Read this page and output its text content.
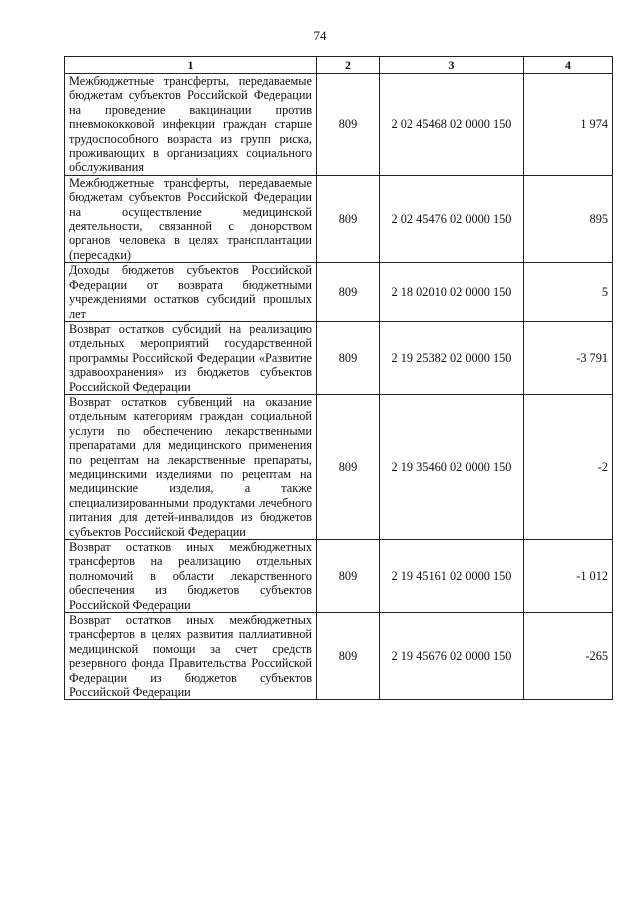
74
1	2	3	4
Межбюджетные трансферты, передаваемые бюджетам субъектов Российской Федерации на проведение вакцинации против пневмококковой инфекции граждан старше трудоспособного возраста из групп риска, проживающих в организациях социального обслуживания	809	2 02 45468 02 0000 150	1 974
Межбюджетные трансферты, передаваемые бюджетам субъектов Российской Федерации на осуществление медицинской деятельности, связанной с донорством органов человека в целях трансплантации (пересадки)	809	2 02 45476 02 0000 150	895
Доходы бюджетов субъектов Российской Федерации от возврата бюджетными учреждениями остатков субсидий прошлых лет	809	2 18 02010 02 0000 150	5
Возврат остатков субсидий на реализацию отдельных мероприятий государственной программы Российской Федерации «Развитие здравоохранения» из бюджетов субъектов Российской Федерации	809	2 19 25382 02 0000 150	-3 791
Возврат остатков субвенций на оказание отдельным категориям граждан социальной услуги по обеспечению лекарственными препаратами для медицинского применения по рецептам на лекарственные препараты, медицинскими изделиями по рецептам на медицинские изделия, а также специализированными продуктами лечебного питания для детей-инвалидов из бюджетов субъектов Российской Федерации	809	2 19 35460 02 0000 150	-2
Возврат остатков иных межбюджетных трансфертов на реализацию отдельных полномочий в области лекарственного обеспечения из бюджетов субъектов Российской Федерации	809	2 19 45161 02 0000 150	-1 012
Возврат остатков иных межбюджетных трансфертов в целях развития паллиативной медицинской помощи за счет средств резервного фонда Правительства Российской Федерации из бюджетов субъектов Российской Федерации	809	2 19 45676 02 0000 150	-265
